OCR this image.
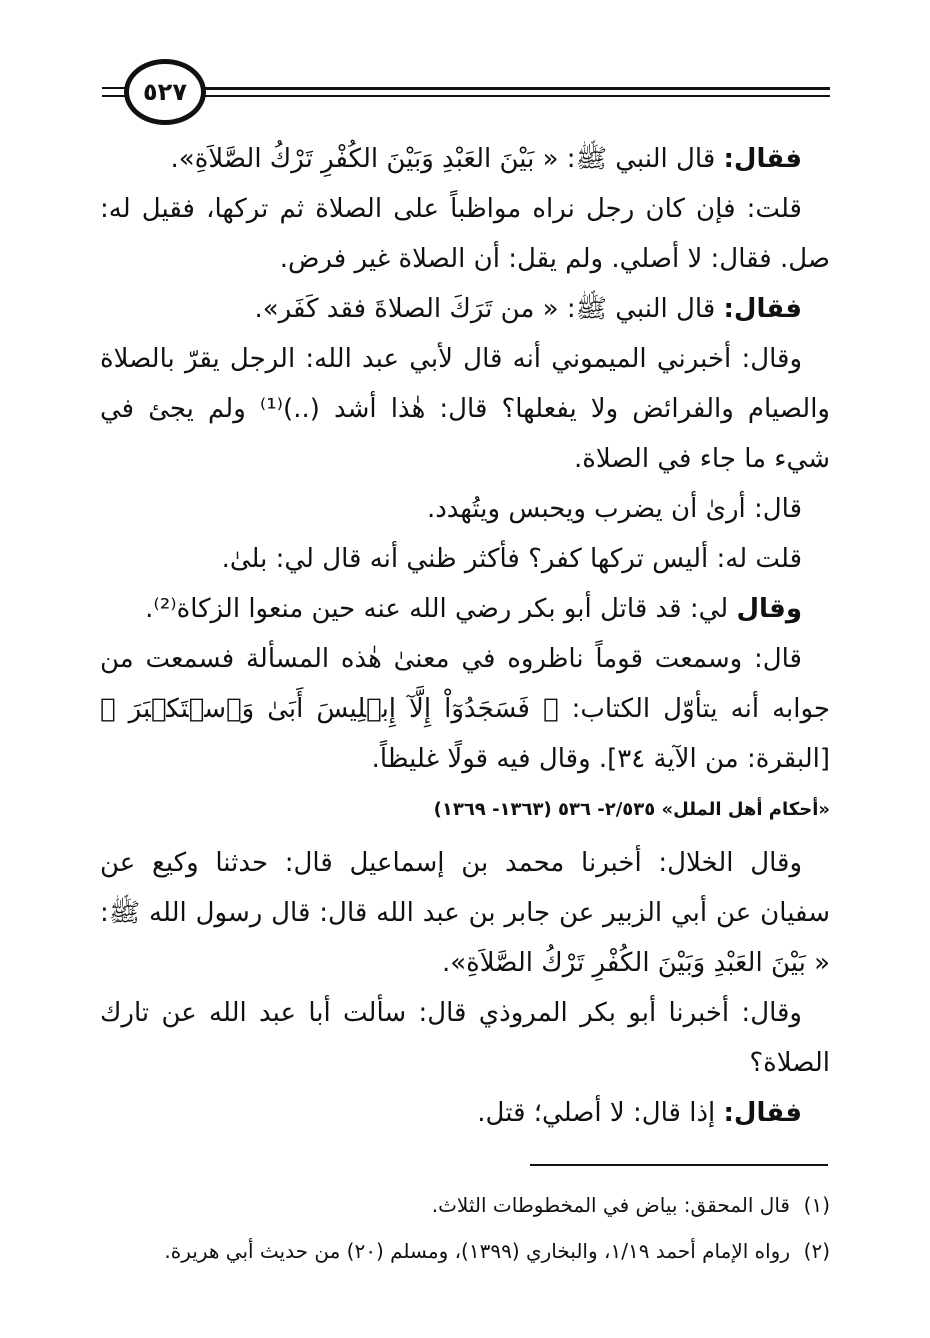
٥٢٧

فقال: قال النبي ﷺ: « بَيْنَ العَبْدِ وَبَيْنَ الكُفْرِ تَرْكُ الصَّلاَةِ».

قلت: فإن كان رجل نراه مواظباً على الصلاة ثم تركها، فقيل له: صل. فقال: لا أصلي. ولم يقل: أن الصلاة غير فرض.

فقال: قال النبي ﷺ: « من تَرَكَ الصلاةَ فقد كَفَر».

وقال: أخبرني الميموني أنه قال لأبي عبد الله: الرجل يقرّ بالصلاة والصيام والفرائض ولا يفعلها؟ قال: هٰذا أشد (..)⁽¹⁾ ولم يجئ في شيء ما جاء في الصلاة.

قال: أرىٰ أن يضرب ويحبس ويتُهدد.

قلت له: أليس تركها كفر؟ فأكثر ظني أنه قال لي: بلىٰ.

وقال لي: قد قاتل أبو بكر رضي الله عنه حين منعوا الزكاة⁽²⁾.

قال: وسمعت قوماً ناظروه في معنىٰ هٰذه المسألة فسمعت من جوابه أنه يتأوّل الكتاب: ﴿ فَسَجَدُوٓاْ إِلَّآ إِبۡلِيسَ أَبَىٰ وَٱسۡتَكۡبَرَ ﴾ [البقرة: من الآية ٣٤]. وقال فيه قولًا غليظاً.

«أحكام أهل الملل» ٢/٥٣٥- ٥٣٦ (١٣٦٣- ١٣٦٩)

وقال الخلال: أخبرنا محمد بن إسماعيل قال: حدثنا وكيع عن سفيان عن أبي الزبير عن جابر بن عبد الله قال: قال رسول الله ﷺ: « بَيْنَ العَبْدِ وَبَيْنَ الكُفْرِ تَرْكُ الصَّلاَةِ».

وقال: أخبرنا أبو بكر المروذي قال: سألت أبا عبد الله عن تارك الصلاة؟

فقال: إذا قال: لا أصلي؛ قتل.

(١)قال المحقق: بياض في المخطوطات الثلاث.

(٢)رواه الإمام أحمد ١/١٩، والبخاري (١٣٩٩)، ومسلم (٢٠) من حديث أبي هريرة.
